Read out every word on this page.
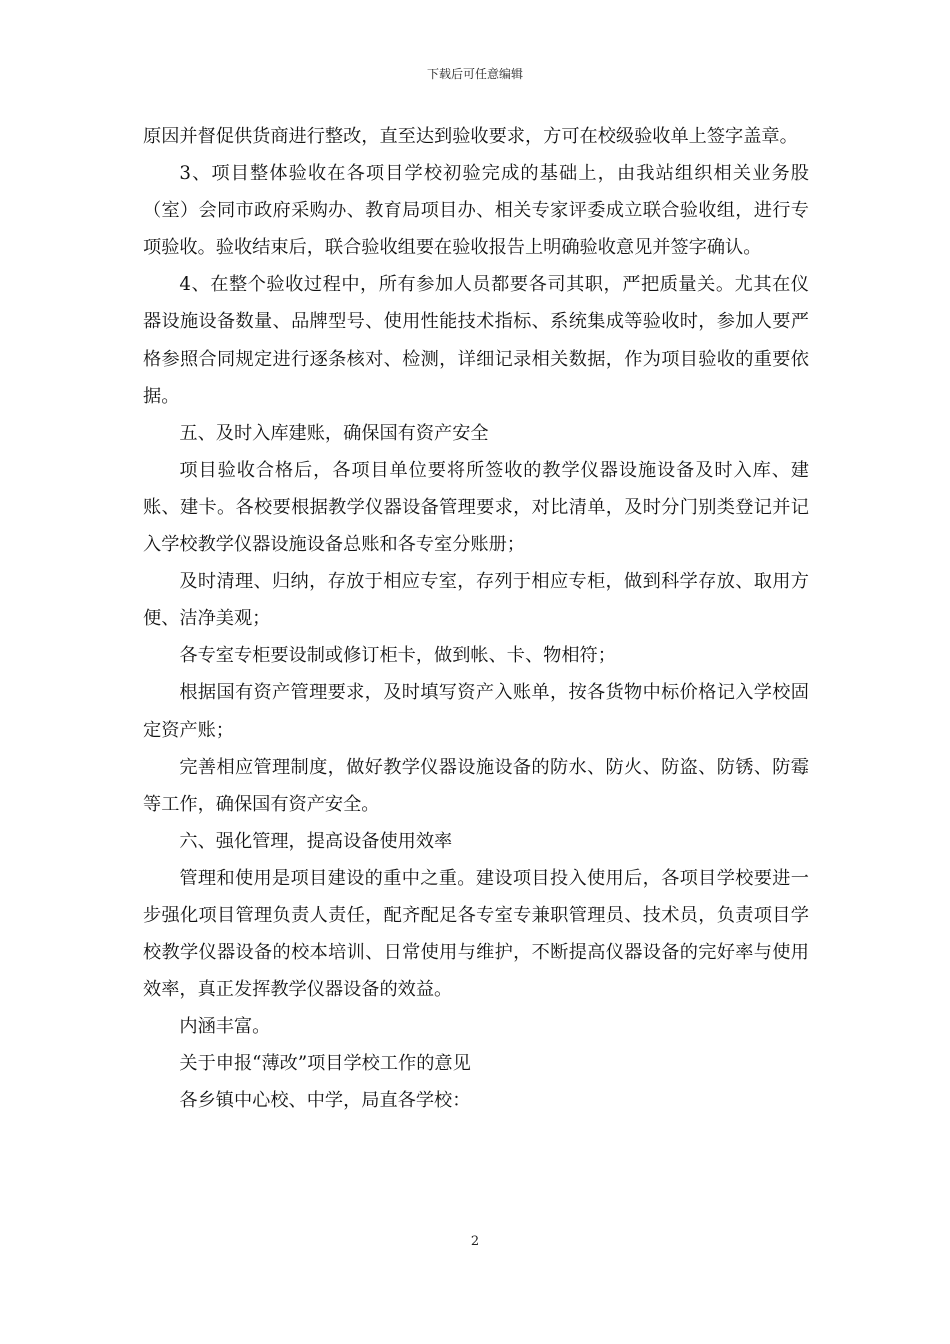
下载后可任意编辑

原因并督促供货商进行整改，直至达到验收要求，方可在校级验收单上签字盖章。

3、项目整体验收在各项目学校初验完成的基础上，由我站组织相关业务股（室）会同市政府采购办、教育局项目办、相关专家评委成立联合验收组，进行专项验收。验收结束后，联合验收组要在验收报告上明确验收意见并签字确认。

4、在整个验收过程中，所有参加人员都要各司其职，严把质量关。尤其在仪器设施设备数量、品牌型号、使用性能技术指标、系统集成等验收时，参加人要严格参照合同规定进行逐条核对、检测，详细记录相关数据，作为项目验收的重要依据。

五、及时入库建账，确保国有资产安全

项目验收合格后，各项目单位要将所签收的教学仪器设施设备及时入库、建账、建卡。各校要根据教学仪器设备管理要求，对比清单，及时分门别类登记并记入学校教学仪器设施设备总账和各专室分账册；

及时清理、归纳，存放于相应专室，存列于相应专柜，做到科学存放、取用方便、洁净美观；

各专室专柜要设制或修订柜卡，做到帐、卡、物相符；

根据国有资产管理要求，及时填写资产入账单，按各货物中标价格记入学校固定资产账；

完善相应管理制度，做好教学仪器设施设备的防水、防火、防盗、防锈、防霉等工作，确保国有资产安全。

六、强化管理，提高设备使用效率

管理和使用是项目建设的重中之重。建设项目投入使用后，各项目学校要进一步强化项目管理负责人责任，配齐配足各专室专兼职管理员、技术员，负责项目学校教学仪器设备的校本培训、日常使用与维护，不断提高仪器设备的完好率与使用效率，真正发挥教学仪器设备的效益。

内涵丰富。

关于申报“薄改”项目学校工作的意见

各乡镇中心校、中学，局直各学校：

2
